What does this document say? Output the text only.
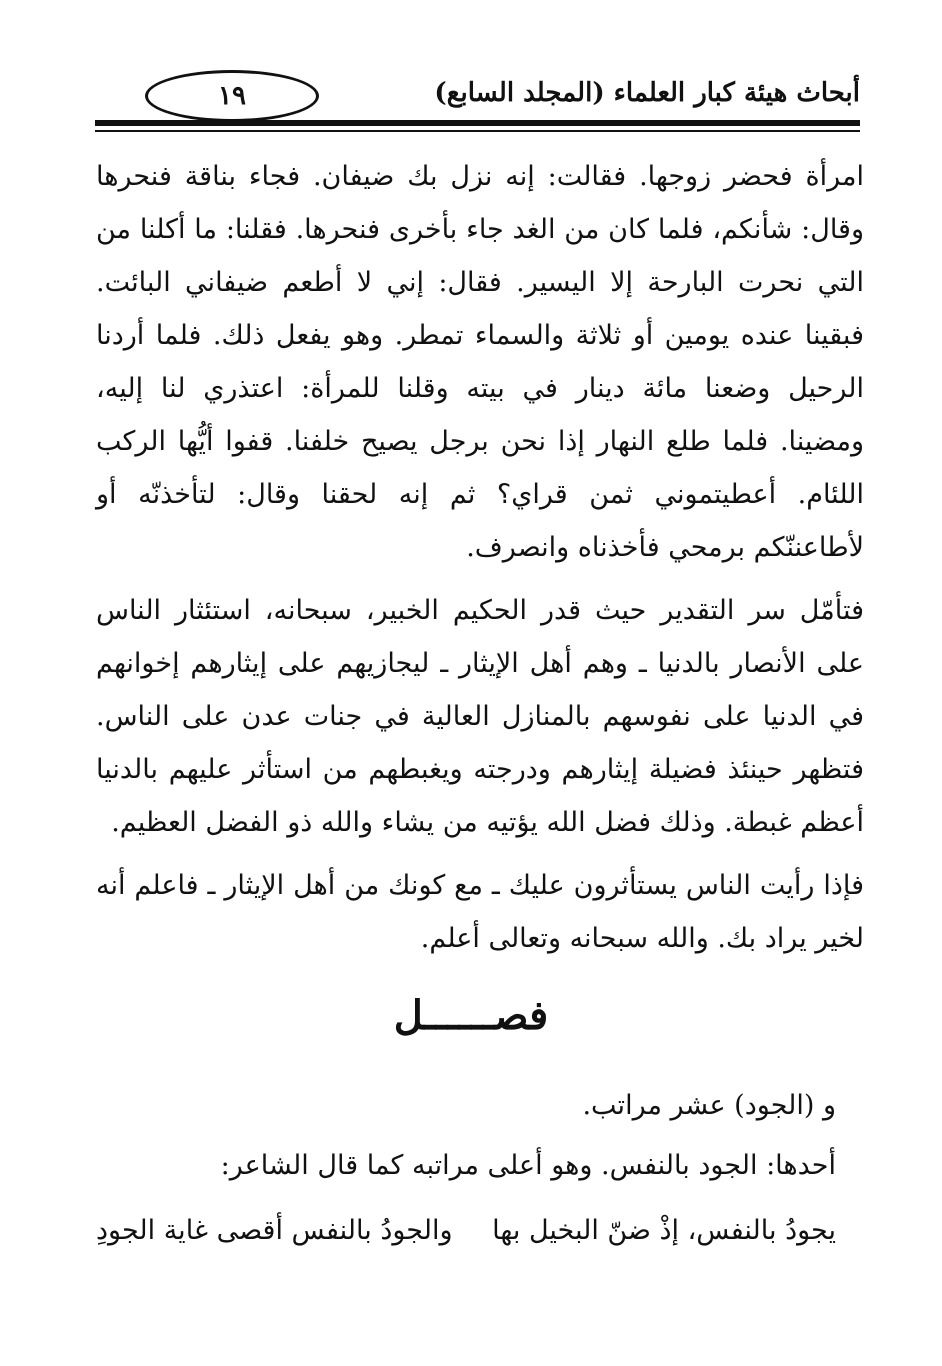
١٩	أبحاث هيئة كبار العلماء (المجلد السابع)

امرأة فحضر زوجها. فقالت: إنه نزل بك ضيفان. فجاء بناقة فنحرها وقال: شأنكم، فلما كان من الغد جاء بأخرى فنحرها. فقلنا: ما أكلنا من التي نحرت البارحة إلا اليسير. فقال: إني لا أطعم ضيفاني البائت. فبقينا عنده يومين أو ثلاثة والسماء تمطر. وهو يفعل ذلك. فلما أردنا الرحيل وضعنا مائة دينار في بيته وقلنا للمرأة: اعتذري لنا إليه، ومضينا. فلما طلع النهار إذا نحن برجل يصيح خلفنا. قفوا أيُّها الركب اللئام. أعطيتموني ثمن قراي؟ ثم إنه لحقنا وقال: لتأخذنّه أو لأطاعننّكم برمحي فأخذناه وانصرف.

فتأمّل سر التقدير حيث قدر الحكيم الخبير، سبحانه، استئثار الناس على الأنصار بالدنيا ـ وهم أهل الإيثار ـ ليجازيهم على إيثارهم إخوانهم في الدنيا على نفوسهم بالمنازل العالية في جنات عدن على الناس. فتظهر حينئذ فضيلة إيثارهم ودرجته ويغبطهم من استأثر عليهم بالدنيا أعظم غبطة. وذلك فضل الله يؤتيه من يشاء والله ذو الفضل العظيم.

فإذا رأيت الناس يستأثرون عليك ـ مع كونك من أهل الإيثار ـ فاعلم أنه لخير يراد بك. والله سبحانه وتعالى أعلم.

فصــــــل
و (الجود) عشر مراتب.
أحدها: الجود بالنفس. وهو أعلى مراتبه كما قال الشاعر:
يجودُ بالنفس، إذْ ضنّ البخيل بها
والجودُ بالنفس أقصى غاية الجودِ
